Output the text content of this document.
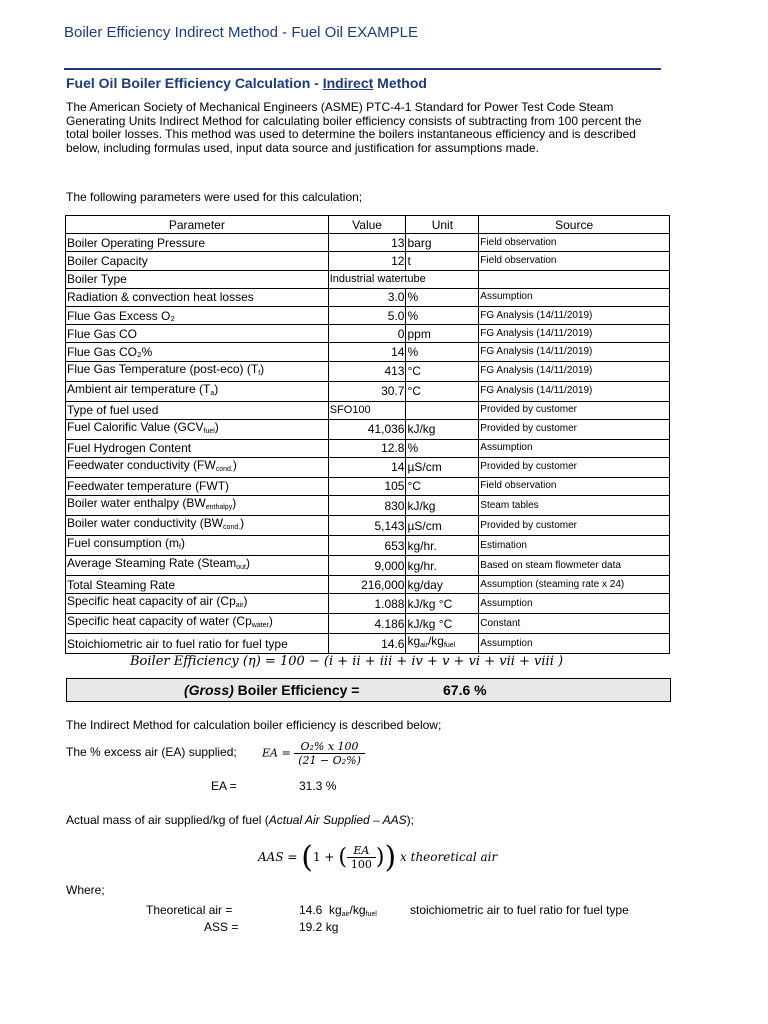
Boiler Efficiency Indirect Method - Fuel Oil EXAMPLE
Fuel Oil Boiler Efficiency Calculation - Indirect Method
The American Society of Mechanical Engineers (ASME) PTC-4-1 Standard for Power Test Code Steam Generating Units Indirect Method for calculating boiler efficiency consists of subtracting from 100 percent the total boiler losses. This method was used to determine the boilers instantaneous efficiency and is described below, including formulas used, input data source and justification for assumptions made.
The following parameters were used for this calculation;
Parameter	Value	Unit	Source
Boiler Operating Pressure	13	barg	Field observation
Boiler Capacity	12	t	Field observation
Boiler Type	Industrial watertube		
Radiation & convection heat losses	3.0	%	Assumption
Flue Gas Excess O₂	5.0	%	FG Analysis (14/11/2019)
Flue Gas CO	0	ppm	FG Analysis (14/11/2019)
Flue Gas CO₂%	14	%	FG Analysis (14/11/2019)
Flue Gas Temperature (post-eco) $(T_f)$	413	°C	FG Analysis (14/11/2019)
Ambient air temperature $(T_a)$	30.7	°C	FG Analysis (14/11/2019)
Type of fuel used	SFO100		Provided by customer
Fuel Calorific Value $(GCV_{fuel})$	41,036	kJ/kg	Provided by customer
Fuel Hydrogen Content	12.8	%	Assumption
Feedwater conductivity $(FW_{cond.})$	14	µS/cm	Provided by customer
Feedwater temperature (FWT)	105	°C	Field observation
Boiler water enthalpy $(BW_{enthalpy})$	830	kJ/kg	Steam tables
Boiler water conductivity $(BW_{cond.})$	5,143	µS/cm	Provided by customer
Fuel consumption $(m_f)$	653	kg/hr.	Estimation
Average Steaming Rate (Steam$_{out}$)	9,000	kg/hr.	Based on steam flowmeter data
Total Steaming Rate	216,000	kg/day	Assumption (steaming rate x 24)
Specific heat capacity of air $(Cp_{air})$	1.088	kJ/kg °C	Assumption
Specific heat capacity of water $(Cp_{water})$	4.186	kJ/kg °C	Constant
Stoichiometric air to fuel ratio for fuel type	14.6	$kg_{air}/kg_{fuel}$	Assumption
Boiler Efficiency (η) = 100 − (i + ii + iii + iv + v + vi + vii + viii )
(Gross) Boiler Efficiency =	67.6 %
The Indirect Method for calculation boiler efficiency is described below;
The % excess air (EA) supplied; EA = $\frac{\text{O₂\% x 100}}{\text{(21 − O₂\%)}}$
EA =	31.3 %
Actual mass of air supplied/kg of fuel (Actual Air Supplied – AAS);
AAS = (1 + ( $\frac{EA}{100}$ )) x theoretical air
Where;
Theoretical air =	14.6 $kg_{air}/kg_{fuel}$	stoichiometric air to fuel ratio for fuel type
ASS =	19.2 kg
